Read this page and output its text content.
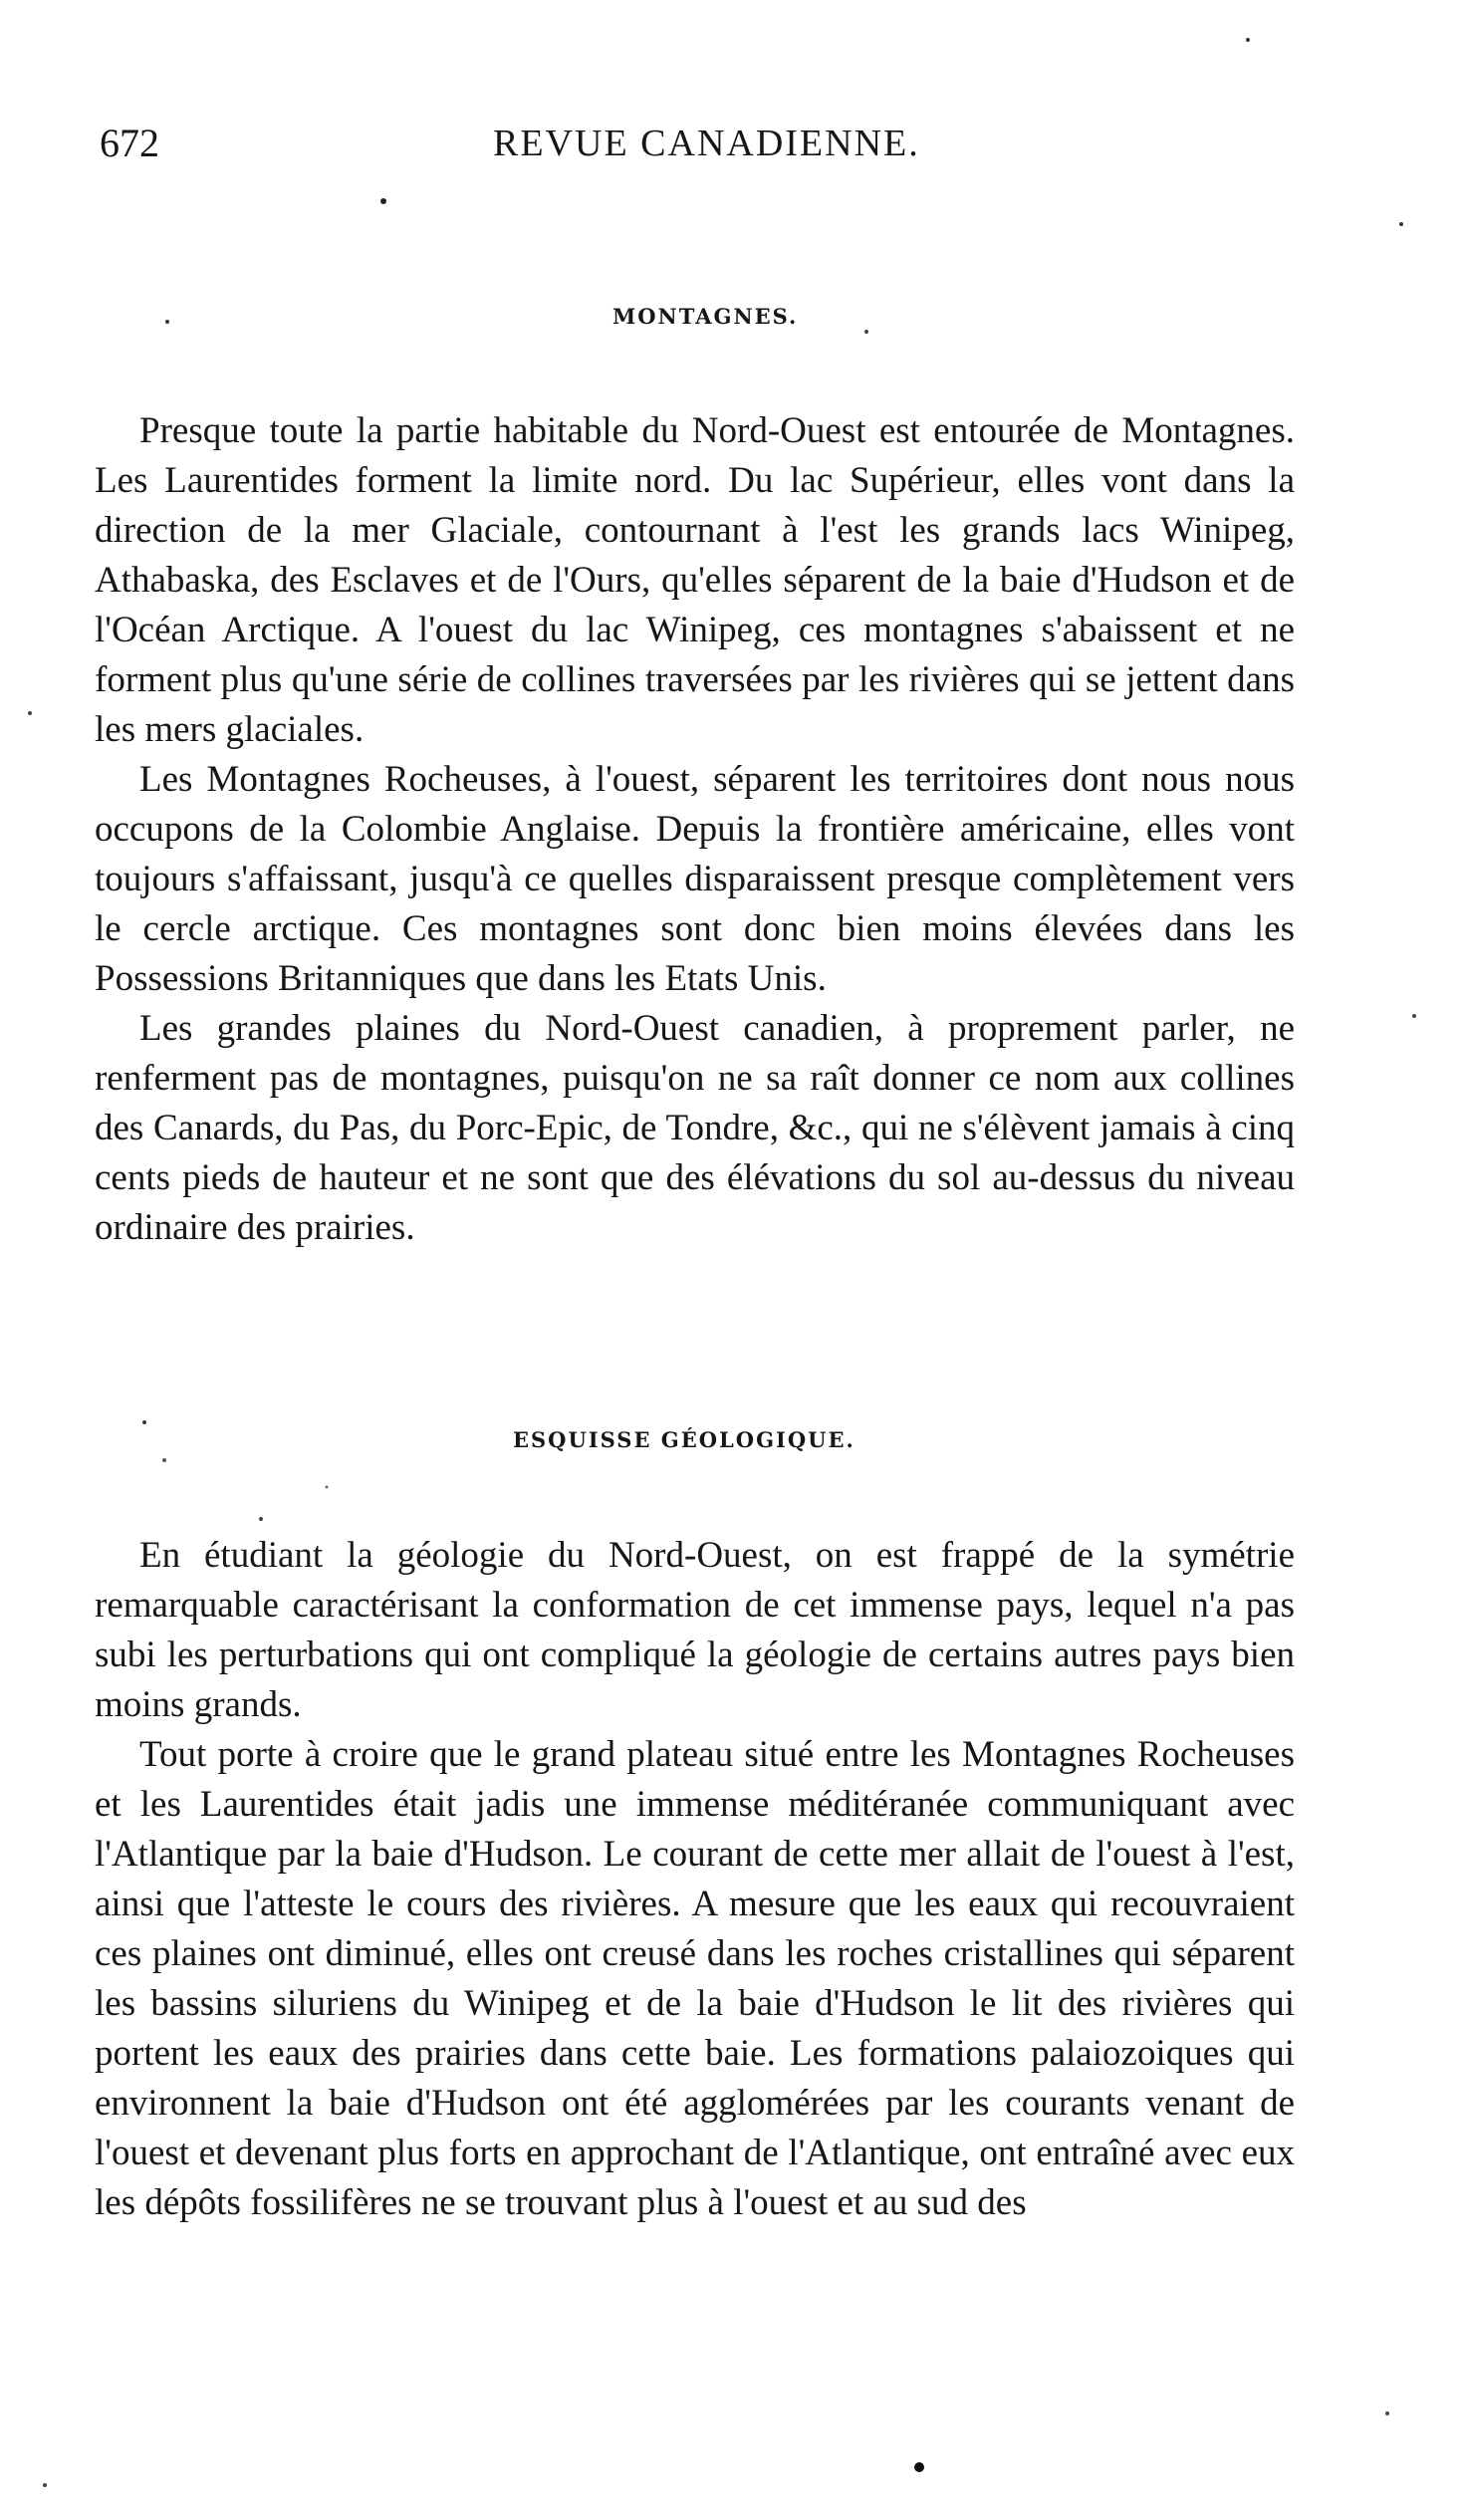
672	REVUE CANADIENNE.
MONTAGNES.

Presque toute la partie habitable du Nord-Ouest est entourée de Montagnes. Les Laurentides forment la limite nord. Du lac Supérieur, elles vont dans la direction de la mer Glaciale, contournant à l'est les grands lacs Winipeg, Athabaska, des Esclaves et de l'Ours, qu'elles séparent de la baie d'Hudson et de l'Océan Arctique. A l'ouest du lac Winipeg, ces montagnes s'abaissent et ne forment plus qu'une série de collines traversées par les rivières qui se jettent dans les mers glaciales.

Les Montagnes Rocheuses, à l'ouest, séparent les territoires dont nous nous occupons de la Colombie Anglaise. Depuis la frontière américaine, elles vont toujours s'affaissant, jusqu'à ce quelles disparaissent presque complètement vers le cercle arctique. Ces montagnes sont donc bien moins élevées dans les Possessions Britanniques que dans les Etats Unis.

Les grandes plaines du Nord-Ouest canadien, à proprement parler, ne renferment pas de montagnes, puisqu'on ne sa raît donner ce nom aux collines des Canards, du Pas, du Porc-Epic, de Tondre, &c., qui ne s'élèvent jamais à cinq cents pieds de hauteur et ne sont que des élévations du sol au-dessus du niveau ordinaire des prairies.

ESQUISSE GÉOLOGIQUE.

En étudiant la géologie du Nord-Ouest, on est frappé de la symétrie remarquable caractérisant la conformation de cet immense pays, lequel n'a pas subi les perturbations qui ont compliqué la géologie de certains autres pays bien moins grands.

Tout porte à croire que le grand plateau situé entre les Montagnes Rocheuses et les Laurentides était jadis une immense méditéranée communiquant avec l'Atlantique par la baie d'Hudson. Le courant de cette mer allait de l'ouest à l'est, ainsi que l'atteste le cours des rivières. A mesure que les eaux qui recouvraient ces plaines ont diminué, elles ont creusé dans les roches cristallines qui séparent les bassins siluriens du Winipeg et de la baie d'Hudson le lit des rivières qui portent les eaux des prairies dans cette baie. Les formations palaiozoiques qui environnent la baie d'Hudson ont été agglomérées par les courants venant de l'ouest et devenant plus forts en approchant de l'Atlantique, ont entraîné avec eux les dépôts fossilifères ne se trouvant plus à l'ouest et au sud des
